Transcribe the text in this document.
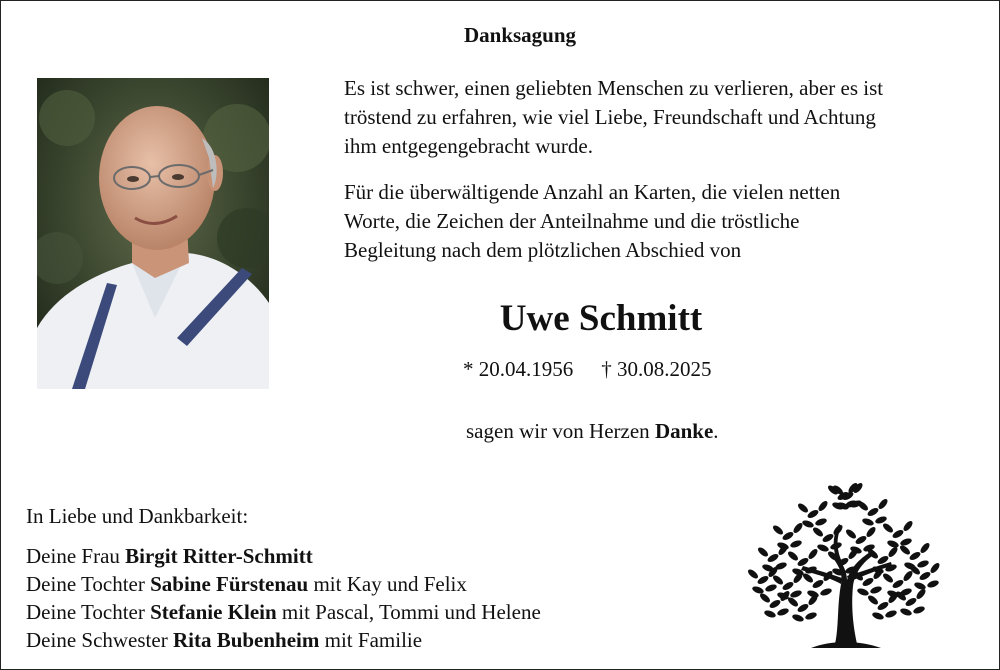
Danksagung
Es ist schwer, einen geliebten Menschen zu verlieren, aber es ist
tröstend zu erfahren, wie viel Liebe, Freundschaft und Achtung
ihm entgegengebracht wurde.
Für die überwältigende Anzahl an Karten, die vielen netten
Worte, die Zeichen der Anteilnahme und die tröstliche
Begleitung nach dem plötzlichen Abschied von
Uwe Schmitt
* 20.04.1956 † 30.08.2025
sagen wir von Herzen Danke.
In Liebe und Dankbarkeit:
Deine Frau Birgit Ritter-Schmitt
Deine Tochter Sabine Fürstenau mit Kay und Felix
Deine Tochter Stefanie Klein mit Pascal, Tommi und Helene
Deine Schwester Rita Bubenheim mit Familie
